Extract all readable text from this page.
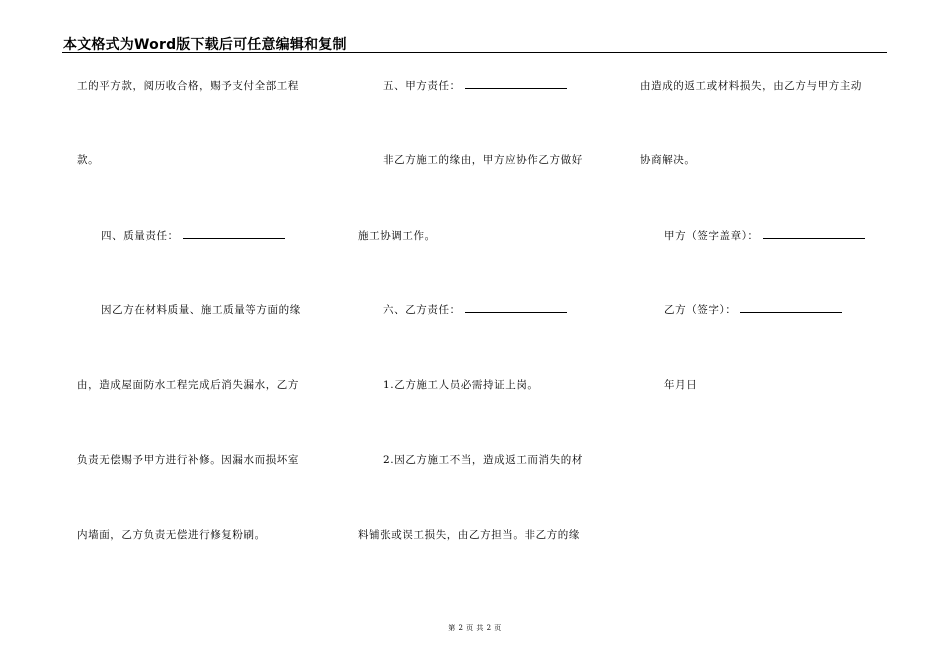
本文格式为Word版下载后可任意编辑和复制
工的平方款，阅历收合格，赐予支付全部工程
款。
四、质量责任：
因乙方在材料质量、施工质量等方面的缘
由，造成屋面防水工程完成后消失漏水，乙方
负责无偿赐予甲方进行补修。因漏水而损坏室
内墙面，乙方负责无偿进行修复粉刷。
五、甲方责任：
非乙方施工的缘由，甲方应协作乙方做好
施工协调工作。
六、乙方责任：
1.乙方施工人员必需持证上岗。
2.因乙方施工不当，造成返工而消失的材
料铺张或误工损失，由乙方担当。非乙方的缘
由造成的返工或材料损失，由乙方与甲方主动
协商解决。
甲方（签字盖章）：
乙方（签字）：
年月日
第 2 页 共 2 页
